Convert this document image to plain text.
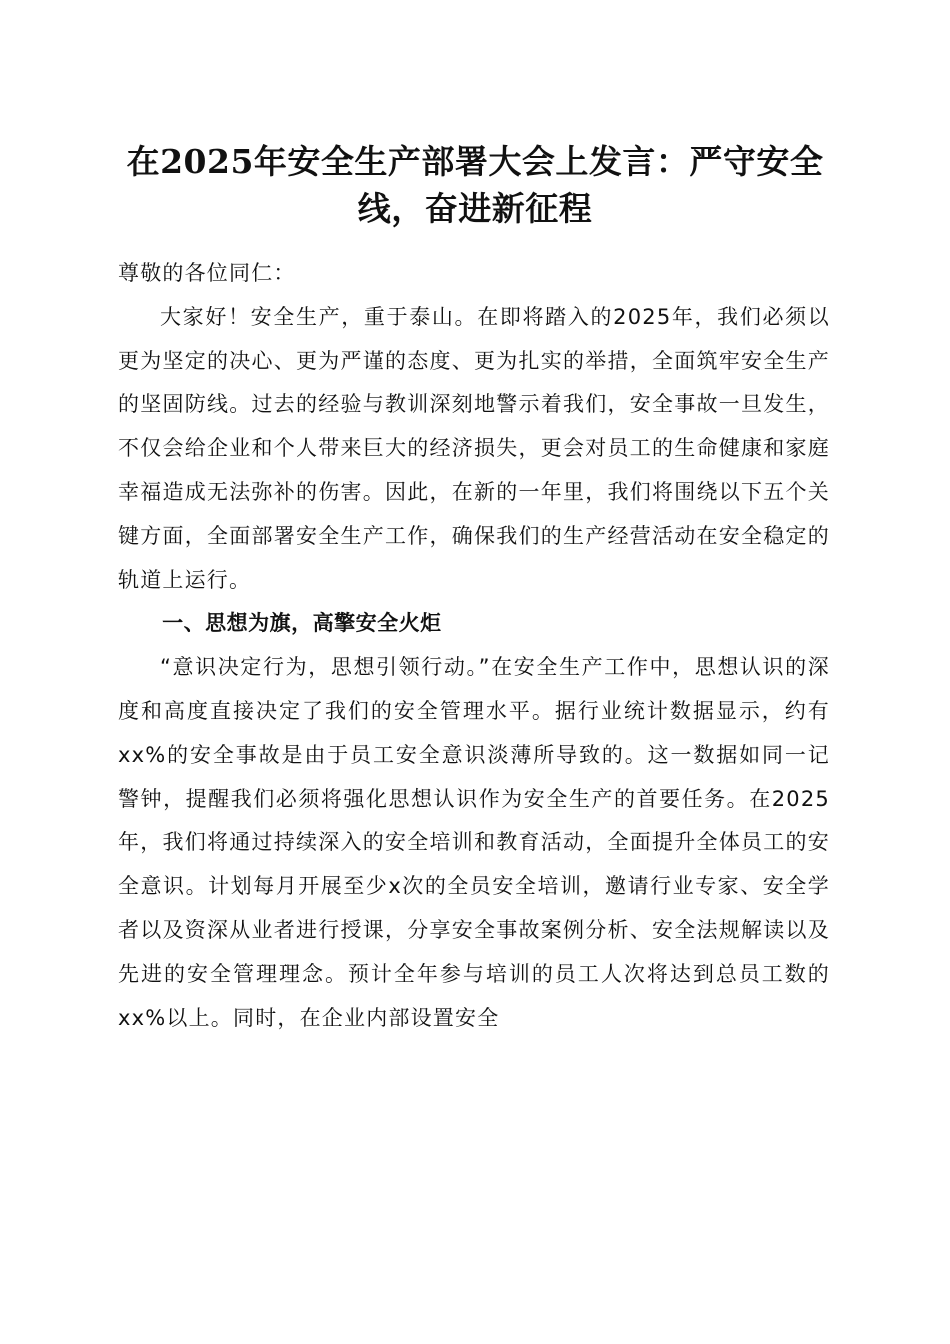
在2025年安全生产部署大会上发言：严守安全线，奋进新征程

尊敬的各位同仁：

大家好！安全生产，重于泰山。在即将踏入的2025年，我们必须以更为坚定的决心、更为严谨的态度、更为扎实的举措，全面筑牢安全生产的坚固防线。过去的经验与教训深刻地警示着我们，安全事故一旦发生，不仅会给企业和个人带来巨大的经济损失，更会对员工的生命健康和家庭幸福造成无法弥补的伤害。因此，在新的一年里，我们将围绕以下五个关键方面，全面部署安全生产工作，确保我们的生产经营活动在安全稳定的轨道上运行。

一、思想为旗，高擎安全火炬

“意识决定行为，思想引领行动。”在安全生产工作中，思想认识的深度和高度直接决定了我们的安全管理水平。据行业统计数据显示，约有xx%的安全事故是由于员工安全意识淡薄所导致的。这一数据如同一记警钟，提醒我们必须将强化思想认识作为安全生产的首要任务。在2025年，我们将通过持续深入的安全培训和教育活动，全面提升全体员工的安全意识。计划每月开展至少x次的全员安全培训，邀请行业专家、安全学者以及资深从业者进行授课，分享安全事故案例分析、安全法规解读以及先进的安全管理理念。预计全年参与培训的员工人次将达到总员工数的xx%以上。同时，在企业内部设置安全
